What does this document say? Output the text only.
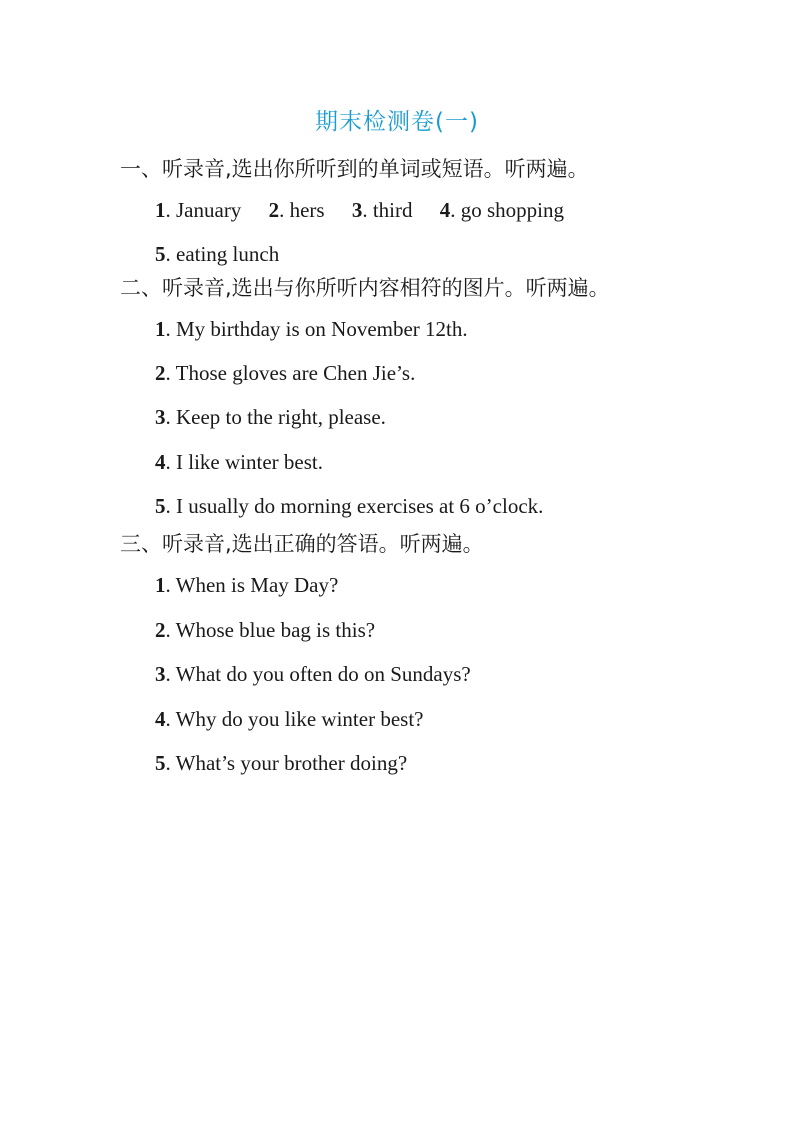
期末检测卷(一)
一、听录音,选出你所听到的单词或短语。听两遍。
1. January 2. hers 3. third 4. go shopping
5. eating lunch
二、听录音,选出与你所听内容相符的图片。听两遍。
1. My birthday is on November 12th.
2. Those gloves are Chen Jie’s.
3. Keep to the right, please.
4. I like winter best.
5. I usually do morning exercises at 6 o’clock.
三、听录音,选出正确的答语。听两遍。
1. When is May Day?
2. Whose blue bag is this?
3. What do you often do on Sundays?
4. Why do you like winter best?
5. What’s your brother doing?
